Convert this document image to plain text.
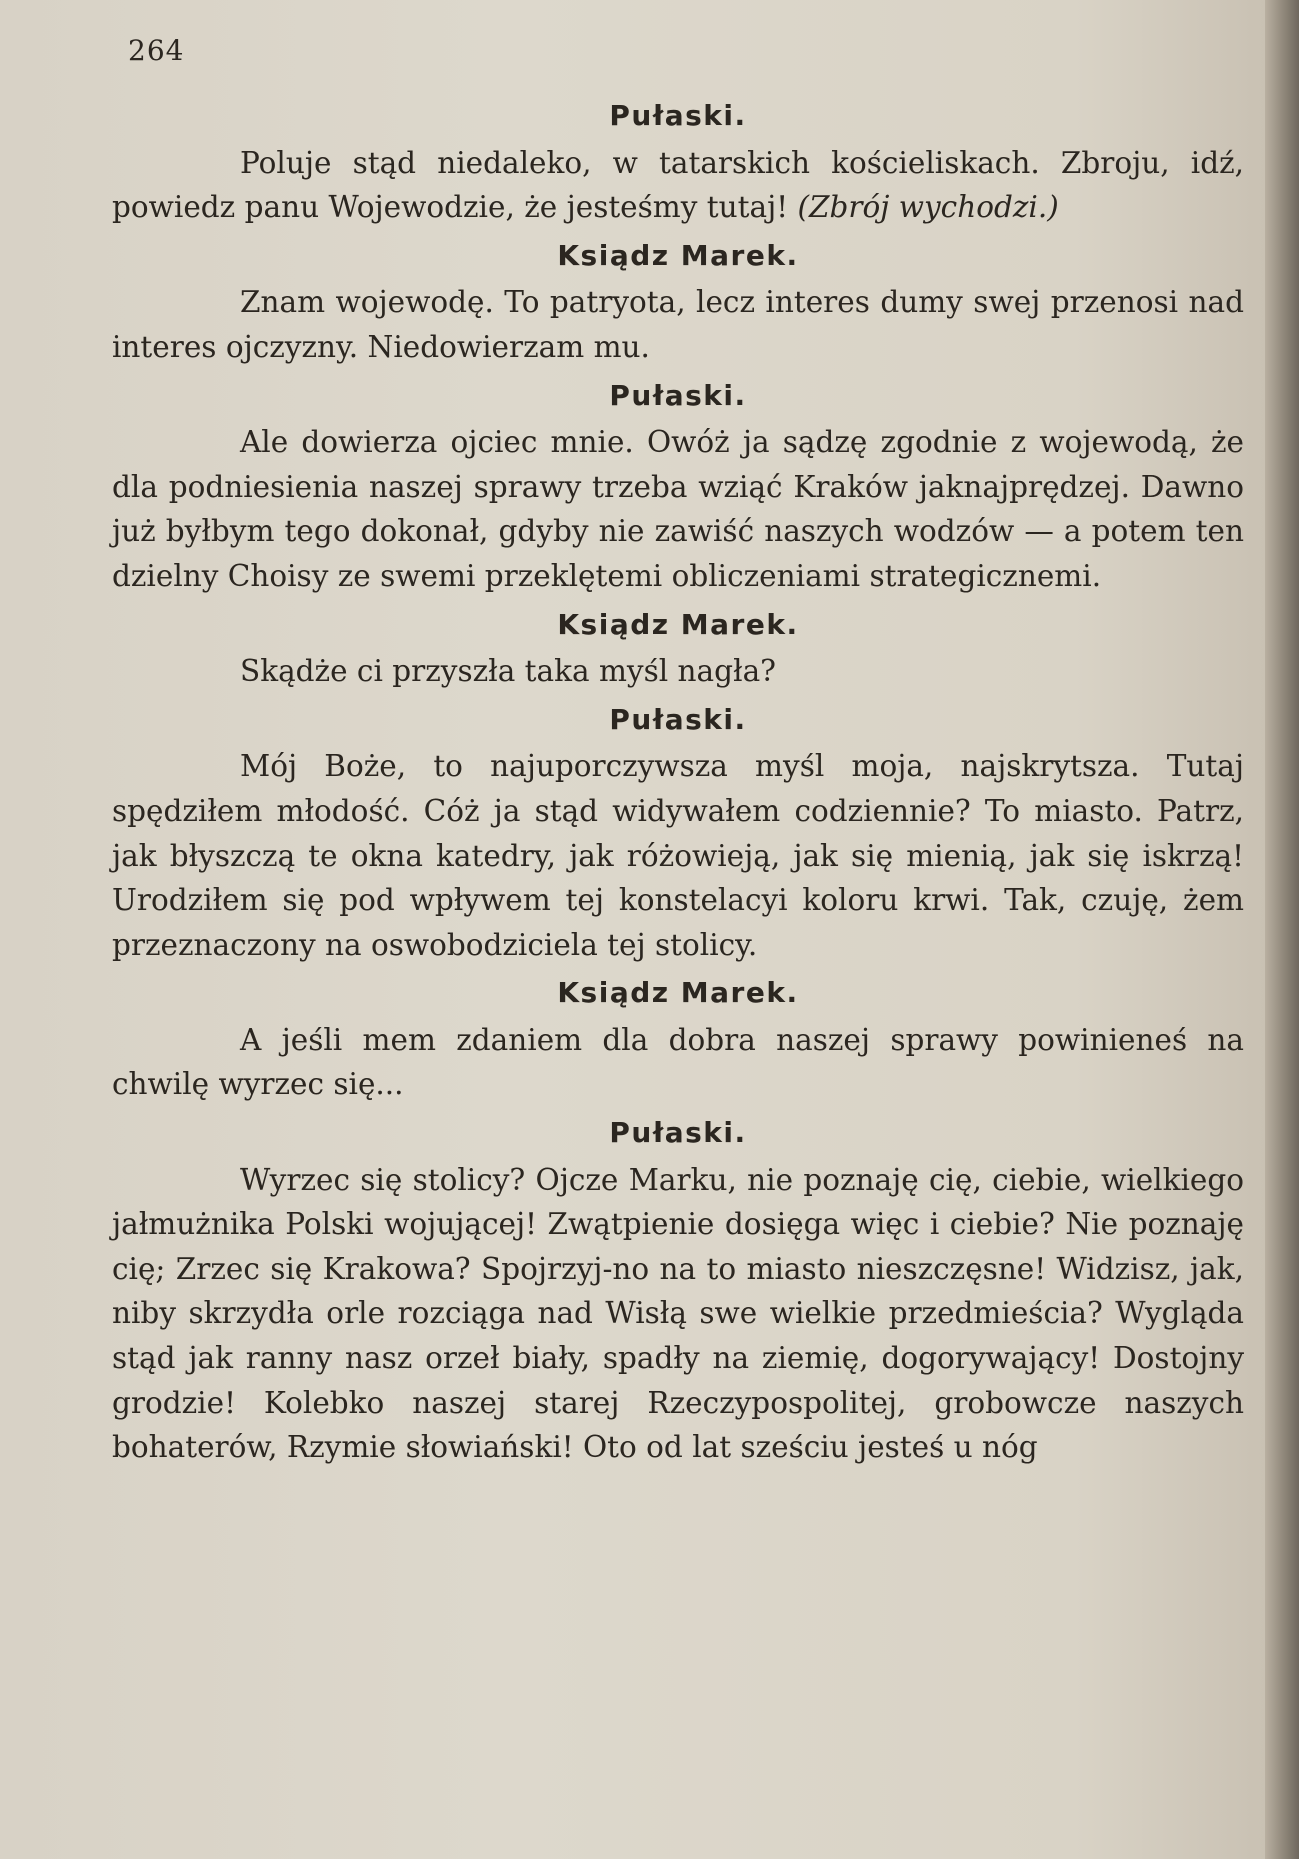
264
Pułaski.

Poluje stąd niedaleko, w tatarskich kościeliskach. Zbroju, idź, powiedz panu Wojewodzie, że jesteśmy tutaj! (Zbrój wychodzi.)

Ksiądz Marek.

Znam wojewodę. To patryota, lecz interes dumy swej przenosi nad interes ojczyzny. Niedowierzam mu.

Pułaski.

Ale dowierza ojciec mnie. Owóż ja sądzę zgodnie z wojewodą, że dla podniesienia naszej sprawy trzeba wziąć Kraków jaknajprędzej. Dawno już byłbym tego dokonał, gdyby nie zawiść naszych wodzów — a potem ten dzielny Choisy ze swemi przeklętemi obliczeniami strategicznemi.

Ksiądz Marek.

Skądże ci przyszła taka myśl nagła?

Pułaski.

Mój Boże, to najuporczywsza myśl moja, najskrytsza. Tutaj spędziłem młodość. Cóż ja stąd widywałem codziennie? To miasto. Patrz, jak błyszczą te okna katedry, jak różowieją, jak się mienią, jak się iskrzą! Urodziłem się pod wpływem tej konstelacyi koloru krwi. Tak, czuję, żem przeznaczony na oswobodziciela tej stolicy.

Ksiądz Marek.

A jeśli mem zdaniem dla dobra naszej sprawy powinieneś na chwilę wyrzec się...

Pułaski.

Wyrzec się stolicy? Ojcze Marku, nie poznaję cię, ciebie, wielkiego jałmużnika Polski wojującej! Zwątpienie dosięga więc i ciebie? Nie poznaję cię; Zrzec się Krakowa? Spojrzyj-no na to miasto nieszczęsne! Widzisz, jak, niby skrzydła orle rozciąga nad Wisłą swe wielkie przedmieścia? Wygląda stąd jak ranny nasz orzeł biały, spadły na ziemię, dogorywający! Dostojny grodzie! Kolebko naszej starej Rzeczypospolitej, grobowcze naszych bohaterów, Rzymie słowiański! Oto od lat sześciu jesteś u nóg
